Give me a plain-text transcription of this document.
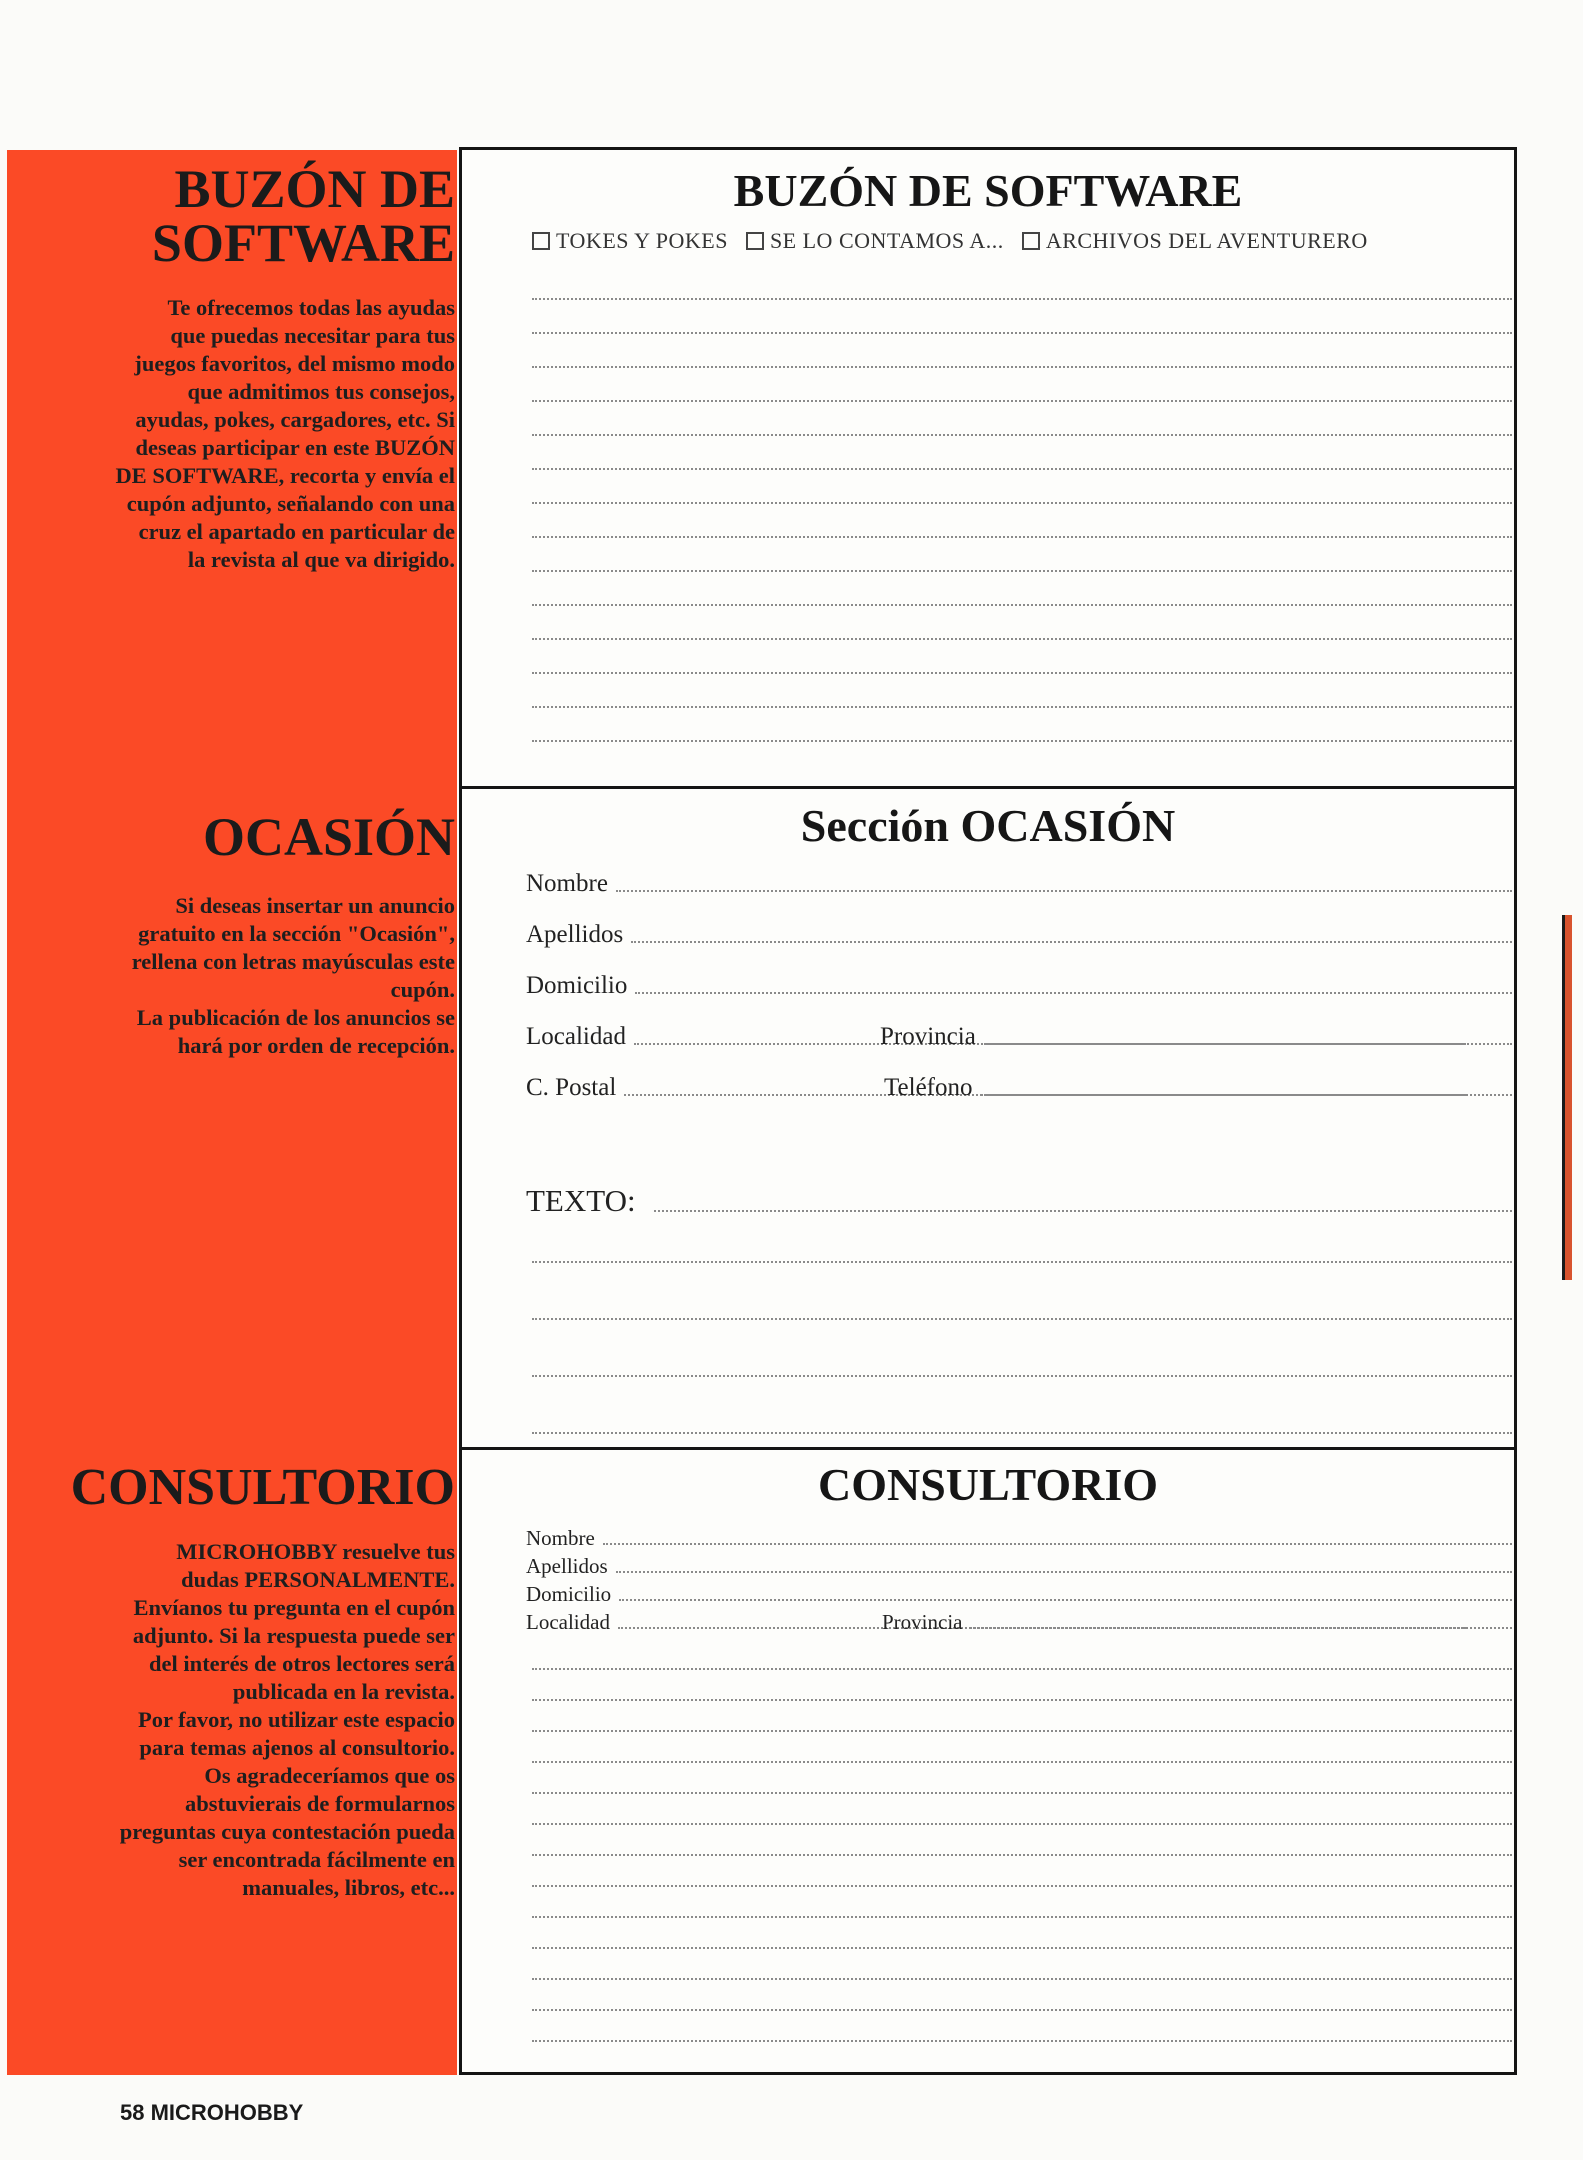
BUZÓN DE
SOFTWARE

Te ofrecemos todas las ayudas

que puedas necesitar para tus

juegos favoritos, del mismo modo

que admitimos tus consejos,

ayudas, pokes, cargadores, etc. Si

deseas participar en este BUZÓN

DE SOFTWARE, recorta y envía el

cupón adjunto, señalando con una

cruz el apartado en particular de

la revista al que va dirigido.

OCASIÓN

Si deseas insertar un anuncio

gratuito en la sección "Ocasión",

rellena con letras mayúsculas este

cupón.

La publicación de los anuncios se

hará por orden de recepción.

CONSULTORIO

MICROHOBBY resuelve tus

dudas PERSONALMENTE.

Envíanos tu pregunta en el cupón

adjunto. Si la respuesta puede ser

del interés de otros lectores será

publicada en la revista.

Por favor, no utilizar este espacio

para temas ajenos al consultorio.

Os agradeceríamos que os

abstuvierais de formularnos

preguntas cuya contestación pueda

ser encontrada fácilmente en

manuales, libros, etc...

BUZÓN DE SOFTWARE
TOKES Y POKES SE LO CONTAMOS A... ARCHIVOS DEL AVENTURERO
Sección OCASIÓN
Nombre
Apellidos
Domicilio
Localidad	Provincia
C. Postal	Teléfono
TEXTO:
CONSULTORIO
Nombre
Apellidos
Domicilio
Localidad	Provincia
58 MICROHOBBY
